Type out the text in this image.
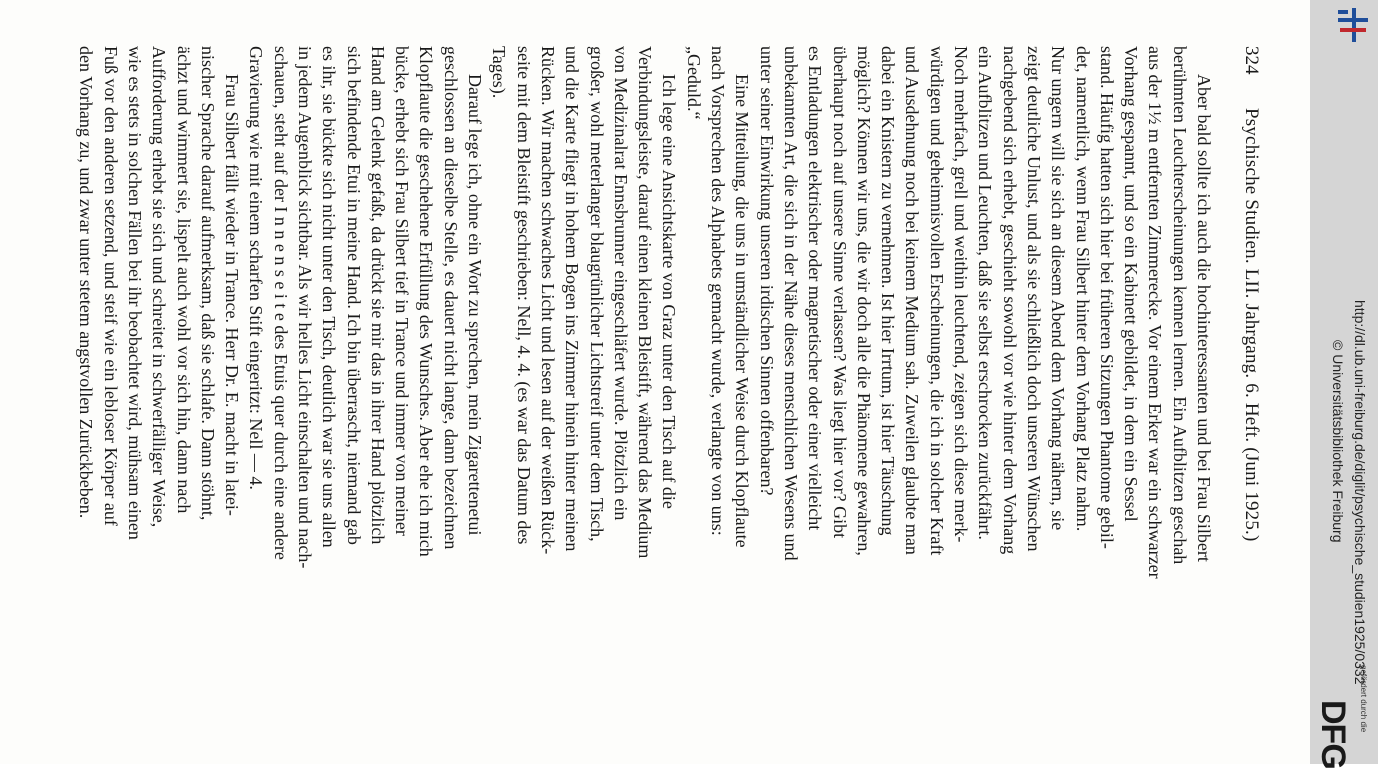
324
Psychische Studien. LII. Jahrgang. 6. Heft. (Juni 1925.)
Aber bald sollte ich auch die hochinteressanten und bei Frau Silbert
berühmten Leuchterscheinungen kennen lernen. Ein Aufblitzen geschah
aus der 1½ m entfernten Zimmerecke. Vor einem Erker war ein schwarzer
Vorhang gespannt, und so ein Kabinett gebildet, in dem ein Sessel
stand. Häufig hatten sich hier bei früheren Sitzungen Phantome gebil-
det, namentlich, wenn Frau Silbert hinter dem Vorhang Platz nahm.
Nur ungern will sie sich an diesem Abend dem Vorhang nähern, sie
zeigt deutliche Unlust, und als sie schließlich doch unseren Wünschen
nachgebend sich erhebt, geschieht sowohl vor wie hinter dem Vorhang
ein Aufblitzen und Leuchten, daß sie selbst erschrocken zurückfährt.
Noch mehrfach, grell und weithin leuchtend, zeigen sich diese merk-
würdigen und geheimnisvollen Erscheinungen, die ich in solcher Kraft
und Ausdehnung noch bei keinem Medium sah. Zuweilen glaubte man
dabei ein Knistern zu vernehmen. Ist hier Irrtum, ist hier Täuschung
möglich? Können wir uns, die wir doch alle die Phänomene gewahren,
überhaupt noch auf unsere Sinne verlassen? Was liegt hier vor? Gibt
es Entladungen elektrischer oder magnetischer oder einer vielleicht
unbekannten Art, die sich in der Nähe dieses menschlichen Wesens und
unter seiner Einwirkung unseren irdischen Sinnen offenbaren?
Eine Mitteilung, die uns in umständlicher Weise durch Klopflaute
nach Vorsprechen des Alphabets gemacht wurde, verlangte von uns:
„Geduld.“
Ich lege eine Ansichtskarte von Graz unter den Tisch auf die
Verbindungsleiste, darauf einen kleinen Bleistift, während das Medium
von Medizinalrat Ennsbrunner eingeschläfert wurde. Plötzlich ein
großer, wohl meterlanger blaugrünlicher Lichtstreif unter dem Tisch,
und die Karte fliegt in hohem Bogen ins Zimmer hinein hinter meinen
Rücken. Wir machen schwaches Licht und lesen auf der weißen Rück-
seite mit dem Bleistift geschrieben: Nell, 4. 4. (es war das Datum des
Tages).
Darauf lege ich, ohne ein Wort zu sprechen, mein Zigarettenetui
geschlossen an dieselbe Stelle, es dauert nicht lange, dann bezeichnen
Klopflaute die geschehene Erfüllung des Wunsches. Aber ehe ich mich
bücke, erhebt sich Frau Silbert tief in Trance und immer von meiner
Hand am Gelenk gefaßt, da drückt sie mir das in ihrer Hand plötzlich
sich befindende Etui in meine Hand. Ich bin überrascht, niemand gab
es ihr, sie bückte sich nicht unter den Tisch, deutlich war sie uns allen
in jedem Augenblick sichtbar. Als wir helles Licht einschalten und nach-
schauen, steht auf der I n n e n s e i t e des Etuis quer durch eine andere
Gravierung wie mit einem scharfen Stift eingeritzt: Nell — 4.
Frau Silbert fällt wieder in Trance. Herr Dr. E. macht in latei-
nischer Sprache darauf aufmerksam, daß sie schlafe. Dann stöhnt,
ächzt und wimmert sie, lispelt auch wohl vor sich hin, dann nach
Aufforderung erhebt sie sich und schreitet in schwerfälliger Weise,
wie es stets in solchen Fällen bei ihr beobachtet wird, mühsam einen
Fuß vor den anderen setzend, und steif wie ein lebloser Körper auf
den Vorhang zu, und zwar unter stetem angstvollen Zurückbeben.	http://dl.ub.uni-freiburg.de/diglit/psychische_studien1925/0332
© Universitätsbibliothek Freiburg
gefördert durch die
DFG
